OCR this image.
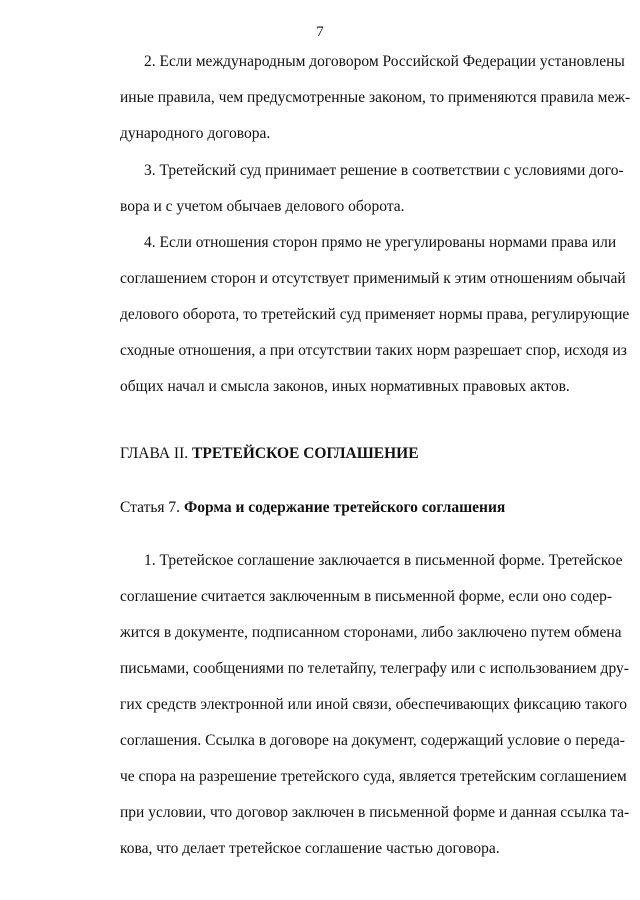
7
2. Если международным договором Российской Федерации установлены
иные правила, чем предусмотренные законом, то применяются правила меж-
дународного договора.
3. Третейский суд принимает решение в соответствии с условиями дого-
вора и с учетом обычаев делового оборота.
4. Если отношения сторон прямо не урегулированы нормами права или
соглашением сторон и отсутствует применимый к этим отношениям обычай
делового оборота, то третейский суд применяет нормы права, регулирующие
сходные отношения, а при отсутствии таких норм разрешает спор, исходя из
общих начал и смысла законов, иных нормативных правовых актов.
ГЛАВА II. ТРЕТЕЙСКОЕ СОГЛАШЕНИЕ
Статья 7. Форма и содержание третейского соглашения
1. Третейское соглашение заключается в письменной форме. Третейское
соглашение считается заключенным в письменной форме, если оно содер-
жится в документе, подписанном сторонами, либо заключено путем обмена
письмами, сообщениями по телетайпу, телеграфу или с использованием дру-
гих средств электронной или иной связи, обеспечивающих фиксацию такого
соглашения. Ссылка в договоре на документ, содержащий условие о переда-
че спора на разрешение третейского суда, является третейским соглашением
при условии, что договор заключен в письменной форме и данная ссылка та-
кова, что делает третейское соглашение частью договора.
